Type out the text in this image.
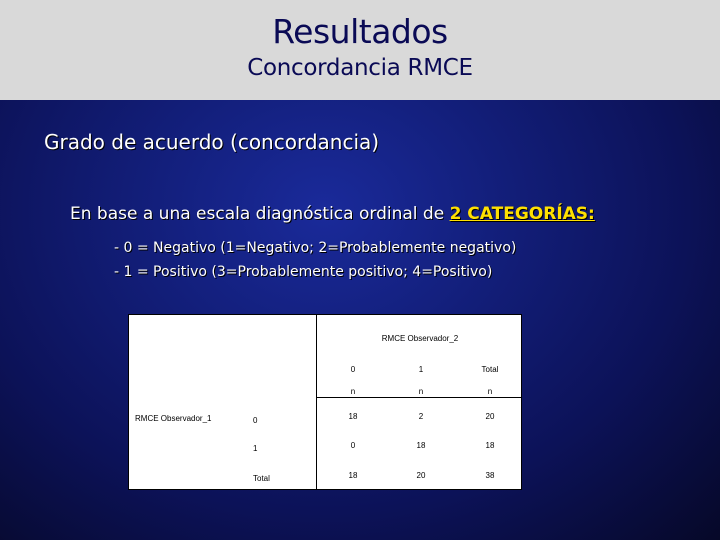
Resultados
Concordancia RMCE
Grado de acuerdo (concordancia)
En base a una escala diagnóstica ordinal de 2 CATEGORÍAS:
- 0 = Negativo (1=Negativo; 2=Probablemente negativo)
- 1 = Positivo (3=Probablemente positivo; 4=Positivo)
RMCE Observador_2
0	1	Total
n	n	n
RMCE Observador_1	0	18	2	20
1	0	18	18
Total	18	20	38
